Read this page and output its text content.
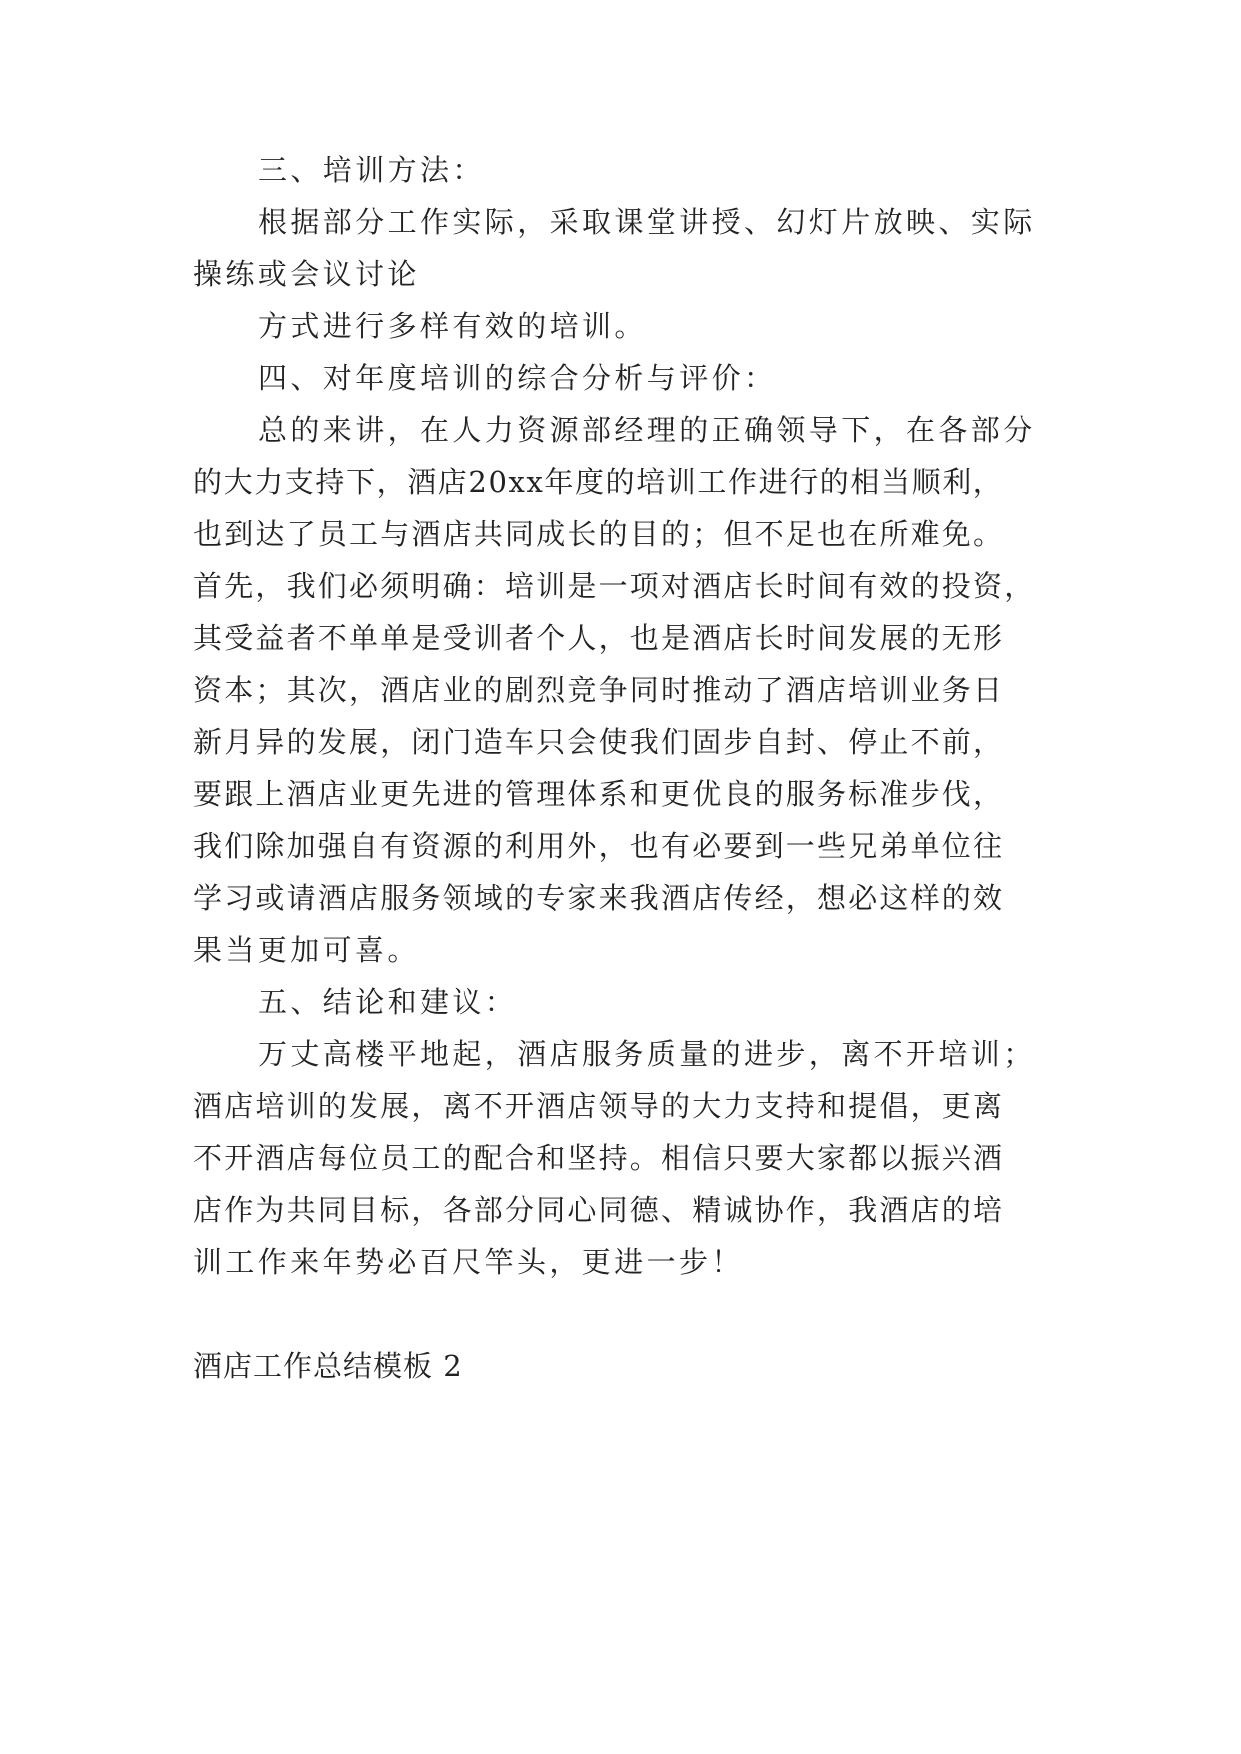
三、培训方法：
根据部分工作实际，采取课堂讲授、幻灯片放映、实际
操练或会议讨论
方式进行多样有效的培训。
四、对年度培训的综合分析与评价：
总的来讲，在人力资源部经理的正确领导下，在各部分
的大力支持下，酒店20xx年度的培训工作进行的相当顺利，
也到达了员工与酒店共同成长的目的；但不足也在所难免。
首先，我们必须明确：培训是一项对酒店长时间有效的投资，
其受益者不单单是受训者个人，也是酒店长时间发展的无形
资本；其次，酒店业的剧烈竞争同时推动了酒店培训业务日
新月异的发展，闭门造车只会使我们固步自封、停止不前，
要跟上酒店业更先进的管理体系和更优良的服务标准步伐，
我们除加强自有资源的利用外，也有必要到一些兄弟单位往
学习或请酒店服务领域的专家来我酒店传经，想必这样的效
果当更加可喜。
五、结论和建议：
万丈高楼平地起，酒店服务质量的进步，离不开培训；
酒店培训的发展，离不开酒店领导的大力支持和提倡，更离
不开酒店每位员工的配合和坚持。相信只要大家都以振兴酒
店作为共同目标，各部分同心同德、精诚协作，我酒店的培
训工作来年势必百尺竿头，更进一步！
酒店工作总结模板 2
